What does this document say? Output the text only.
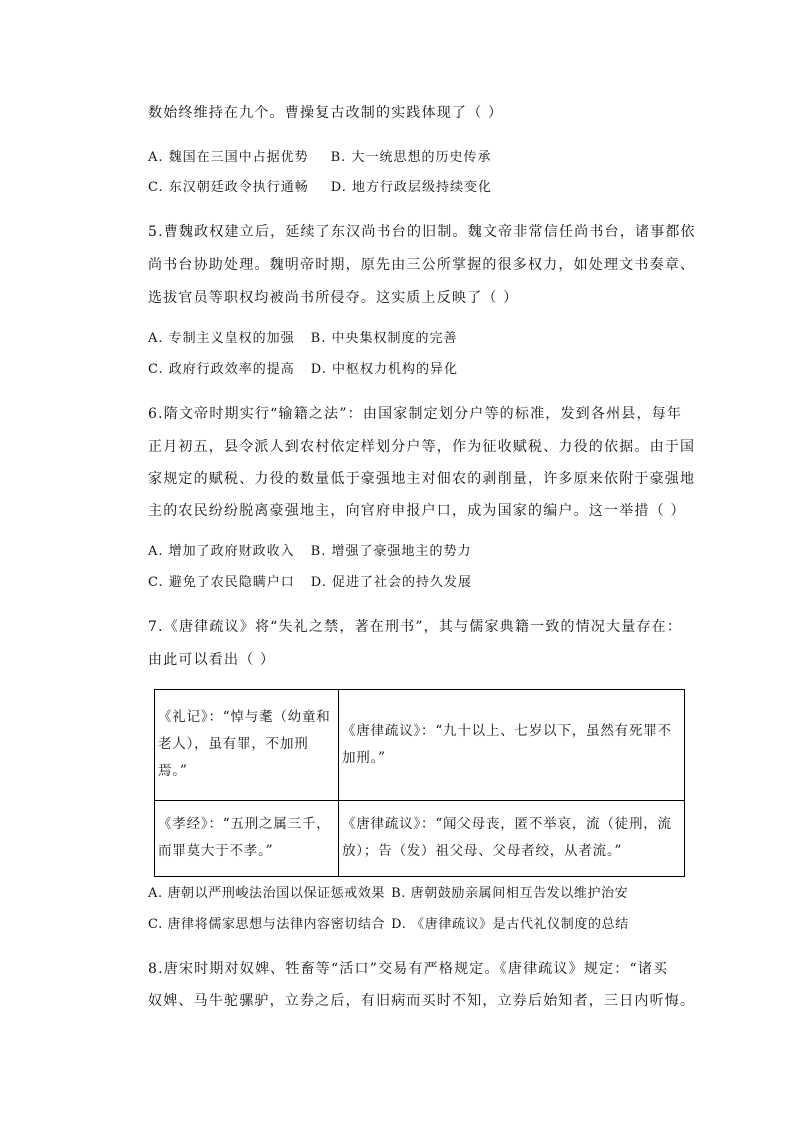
数始终维持在九个。曹操复古改制的实践体现了（ ）
A. 魏国在三国中占据优势 B. 大一统思想的历史传承
C. 东汉朝廷政令执行通畅 D. 地方行政层级持续变化
5.曹魏政权建立后，延续了东汉尚书台的旧制。魏文帝非常信任尚书台，诸事都依
尚书台协助处理。魏明帝时期，原先由三公所掌握的很多权力，如处理文书奏章、
选拔官员等职权均被尚书所侵夺。这实质上反映了（ ）
A. 专制主义皇权的加强 B. 中央集权制度的完善
C. 政府行政效率的提高 D. 中枢权力机构的异化
6.隋文帝时期实行“输籍之法”：由国家制定划分户等的标准，发到各州县，每年
正月初五，县令派人到农村依定样划分户等，作为征收赋税、力役的依据。由于国
家规定的赋税、力役的数量低于豪强地主对佃农的剥削量，许多原来依附于豪强地
主的农民纷纷脱离豪强地主，向官府申报户口，成为国家的编户。这一举措（ ）
A. 增加了政府财政收入 B. 增强了豪强地主的势力
C. 避免了农民隐瞒户口 D. 促进了社会的持久发展
7.《唐律疏议》将“失礼之禁，著在刑书”，其与儒家典籍一致的情况大量存在：
由此可以看出（ ）
《礼记》：“悼与耄（幼童和老人），虽有罪，不加刑焉。”	《唐律疏议》：“九十以上、七岁以下，虽然有死罪不加刑。”

《孝经》：“五刑之属三千，而罪莫大于不孝。”	《唐律疏议》：“闻父母丧，匿不举哀，流（徒刑，流放）；告（发）祖父母、父母者绞，从者流。”
A. 唐朝以严刑峻法治国以保证惩戒效果 B. 唐朝鼓励亲属间相互告发以维护治安
C. 唐律将儒家思想与法律内容密切结合 D. 《唐律疏议》是古代礼仪制度的总结
8.唐宋时期对奴婢、牲畜等“活口”交易有严格规定。《唐律疏议》规定：“诸买
奴婢、马牛驼骡驴，立券之后，有旧病而买时不知，立券后始知者，三日内听悔。
